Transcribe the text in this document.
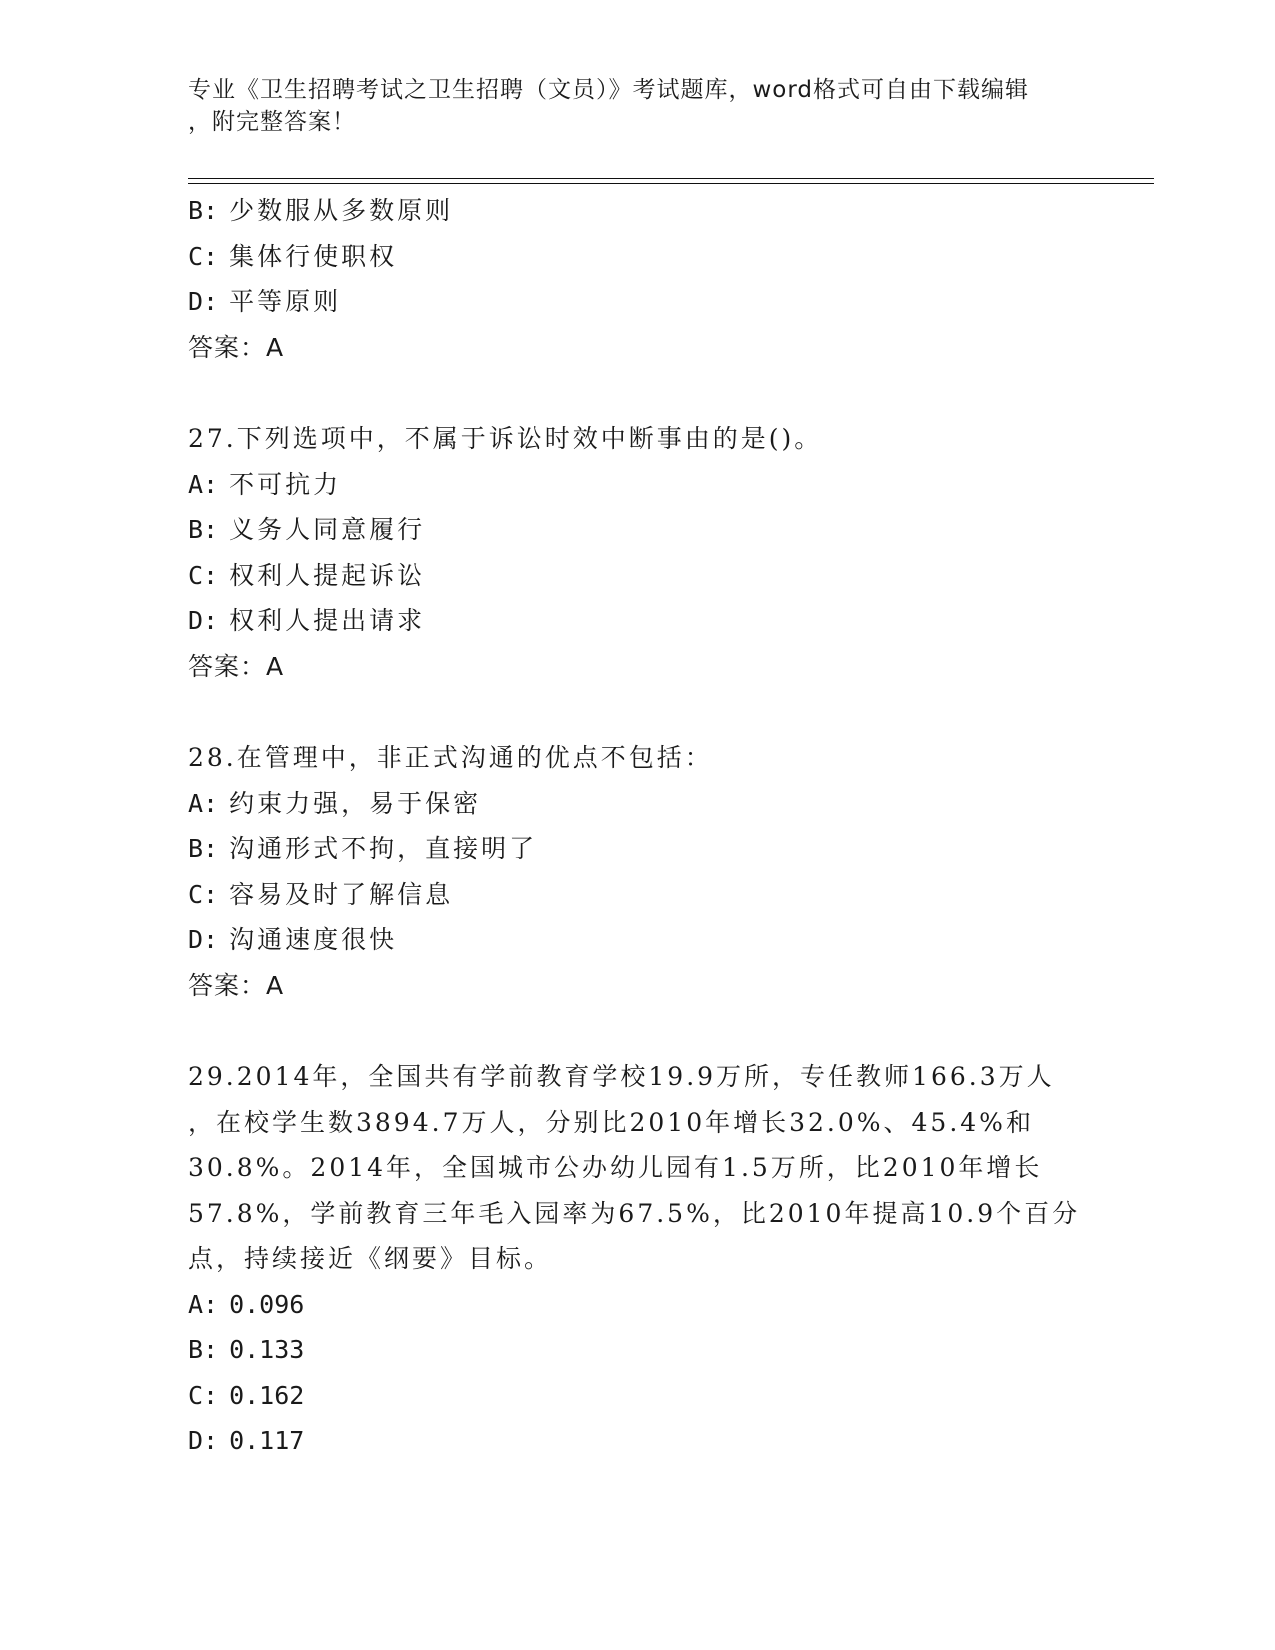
专业《卫生招聘考试之卫生招聘（文员）》考试题库，word格式可自由下载编辑
，附完整答案！
B: 少数服从多数原则
C: 集体行使职权
D: 平等原则
答案：A
27.下列选项中，不属于诉讼时效中断事由的是()。
A: 不可抗力
B: 义务人同意履行
C: 权利人提起诉讼
D: 权利人提出请求
答案：A
28.在管理中，非正式沟通的优点不包括：
A: 约束力强，易于保密
B: 沟通形式不拘，直接明了
C: 容易及时了解信息
D: 沟通速度很快
答案：A
29.2014年，全国共有学前教育学校19.9万所，专任教师166.3万人
，在校学生数3894.7万人，分别比2010年增长32.0%、45.4%和
30.8%。2014年，全国城市公办幼儿园有1.5万所，比2010年增长
57.8%，学前教育三年毛入园率为67.5%，比2010年提高10.9个百分
点，持续接近《纲要》目标。
A: 0.096
B: 0.133
C: 0.162
D: 0.117
